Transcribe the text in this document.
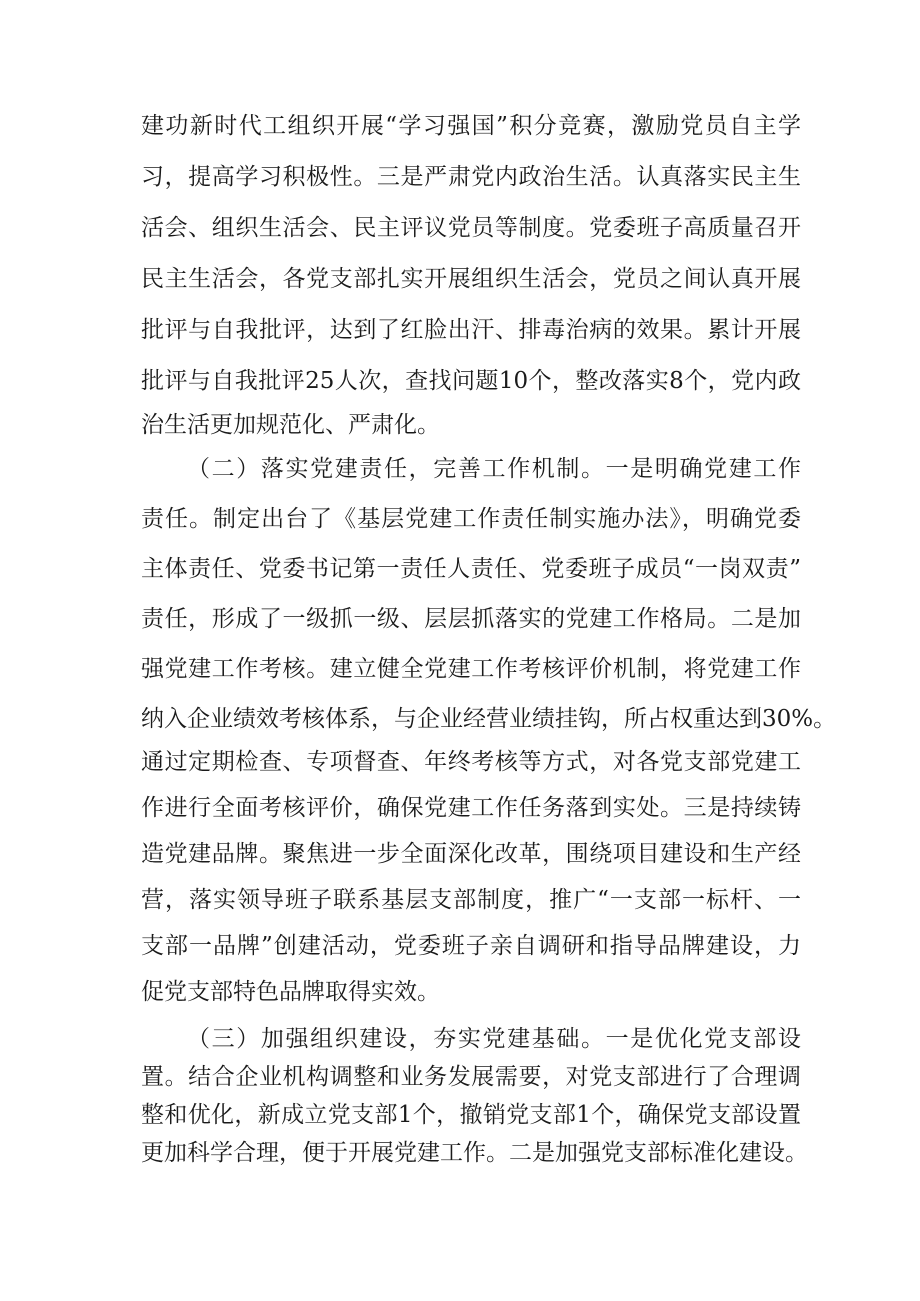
建功新时代工组织开展“学习强国”积分竞赛，激励党员自主学
习，提高学习积极性。三是严肃党内政治生活。认真落实民主生
活会、组织生活会、民主评议党员等制度。党委班子高质量召开
民主生活会，各党支部扎实开展组织生活会，党员之间认真开展
批评与自我批评，达到了红脸出汗、排毒治病的效果。累计开展
批评与自我批评25人次，查找问题10个，整改落实8个，党内政
治生活更加规范化、严肃化。
（二）落实党建责任，完善工作机制。一是明确党建工作
责任。制定出台了《基层党建工作责任制实施办法》，明确党委
主体责任、党委书记第一责任人责任、党委班子成员“一岗双责”
责任，形成了一级抓一级、层层抓落实的党建工作格局。二是加
强党建工作考核。建立健全党建工作考核评价机制，将党建工作
纳入企业绩效考核体系，与企业经营业绩挂钩，所占权重达到30%。
通过定期检查、专项督查、年终考核等方式，对各党支部党建工
作进行全面考核评价，确保党建工作任务落到实处。三是持续铸
造党建品牌。聚焦进一步全面深化改革，围绕项目建设和生产经
营，落实领导班子联系基层支部制度，推广“一支部一标杆、一
支部一品牌”创建活动，党委班子亲自调研和指导品牌建设，力
促党支部特色品牌取得实效。
（三）加强组织建设，夯实党建基础。一是优化党支部设
置。结合企业机构调整和业务发展需要，对党支部进行了合理调
整和优化，新成立党支部1个，撤销党支部1个，确保党支部设置
更加科学合理，便于开展党建工作。二是加强党支部标准化建设。
